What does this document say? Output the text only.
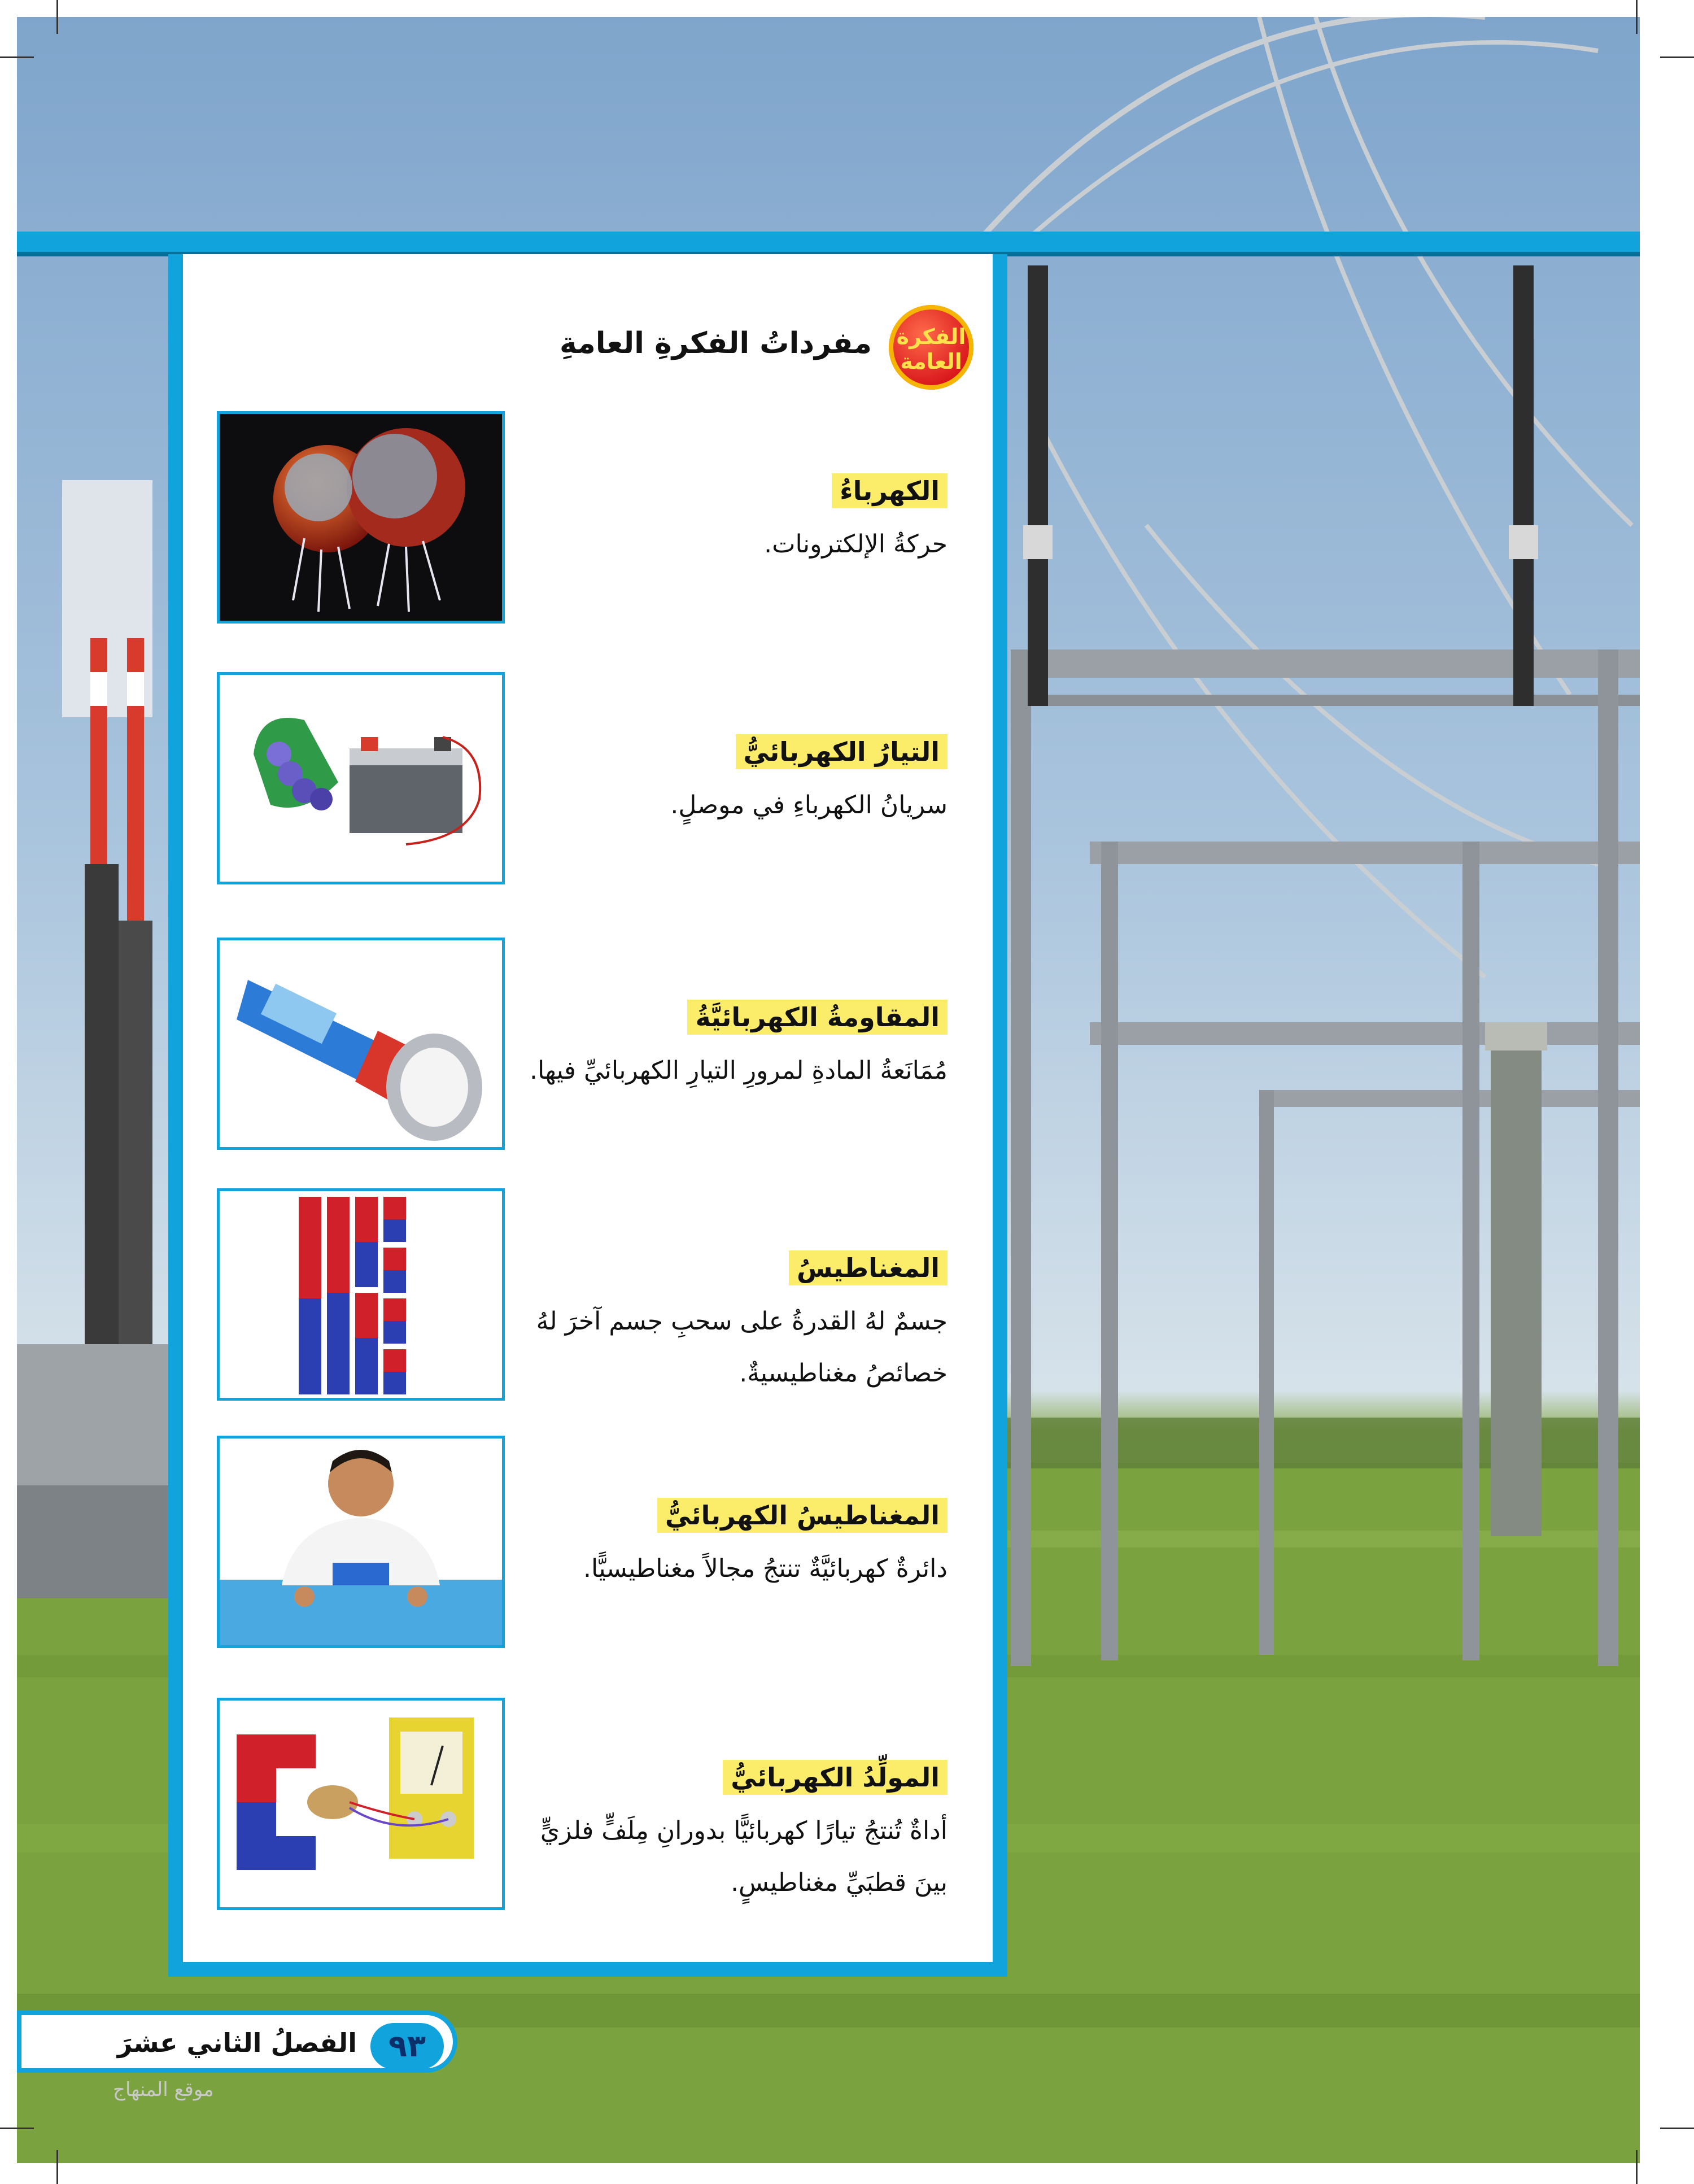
الفكرة
العامة
مفرداتُ الفكرةِ العامةِ
الكهرباءُ
حركةُ الإلكترونات.
التيارُ الكهربائيُّ
سريانُ الكهرباءِ في موصلٍ.
المقاومةُ الكهربائيَّةُ
مُمَانَعةُ المادةِ لمرورِ التيارِ الكهربائيِّ فيها.
المغناطيسُ
جسمٌ لهُ القدرةُ على سحبِ جسم آخرَ لهُ خصائصُ مغناطيسيةٌ.
المغناطيسُ الكهربائيُّ
دائرةٌ كهربائيَّةٌ تنتجُ مجالاً مغناطيسيًّا.
المولِّدُ الكهربائيُّ
أداةٌ تُنتجُ تيارًا كهربائيًّا بدورانِ مِلَفٍّ فلزيٍّ بينَ قطبَيِّ مغناطيسٍ.
الفصلُ الثاني عشرَ	٩٣
موقع المنهاج
